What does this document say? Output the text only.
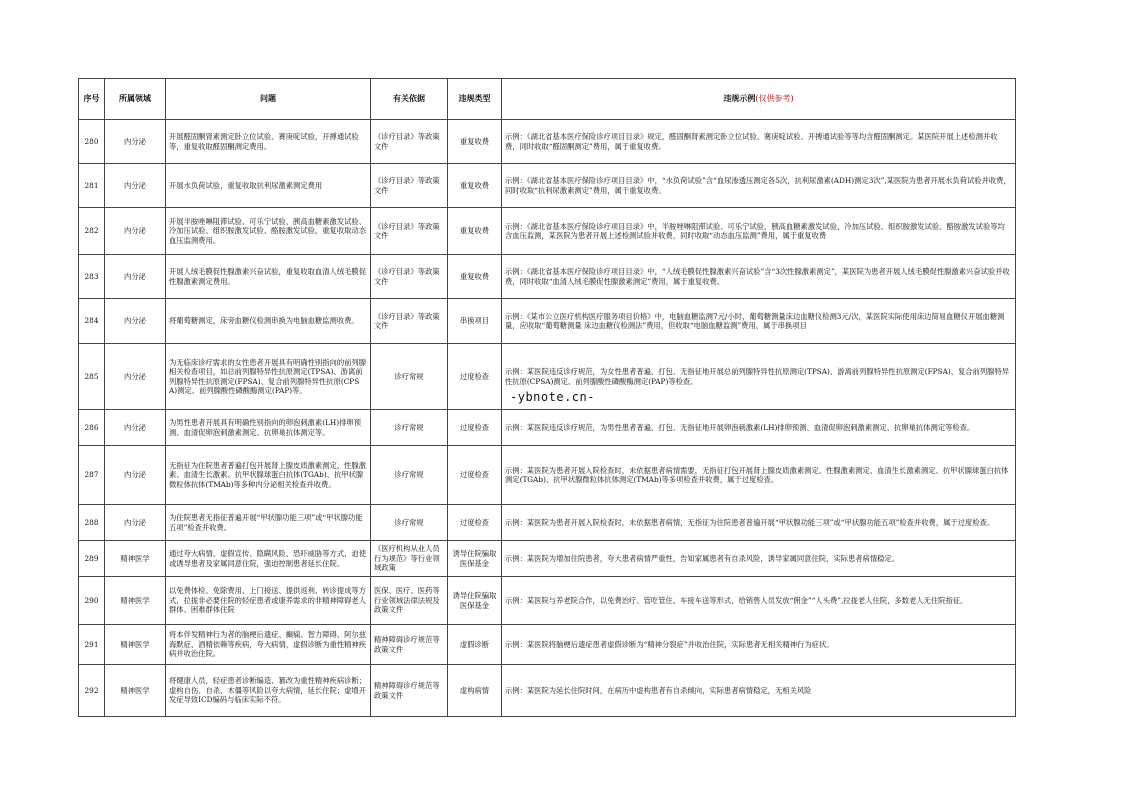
序号	所属领域	问题	有关依据	违规类型	违规示例(仅供参考)
280	内分泌	开展醛固酮肾素测定卧立位试验、赛庚啶试验，开搏通试验等，重复收取醛固酮测定费用。	《诊疗目录》等政策文件	重复收费	示例：《湖北省基本医疗保险诊疗项目目录》规定，醛固酮肾素测定卧立位试验、赛庚啶试验、开搏通试验等等均含醛固酮测定。某医院开展上述检测并收费，同时收取“醛固酮测定”费用，属于重复收费。
281	内分泌	开展水负荷试验，重复收取抗利尿激素测定费用	《诊疗目录》等政策文件	重复收费	示例：《湖北省基本医疗保险诊疗项目目录》中，“水负荷试验”含“血尿渗透压测定各5次，抗利尿激素(ADH)测定3次”,某医院为患者开展水负荷试验并收费，同时收取“抗利尿激素测定”费用，属于重复收费。
282	内分泌	开展半胺唑啉阻滞试验、可乐宁试验、胰高血糖素激发试验、冷加压试验、组织胺激发试验、酪胺激发试验，重复收取动态血压监测费用。	《诊疗目录》等政策文件	重复收费	示例：《湖北省基本医疗保险诊疗项目目录》中，半胺唑啉阻滞试验、可乐宁试验、胰高血糖素激发试验、冷加压试验、组织胺激发试验、酪胺激发试验等均含血压监测，某医院为患者开展上述检测试验并收费，同时收取“动态血压监测”费用，属于重复收费
283	内分泌	开展人绒毛膜促性腺激素兴奋试验，重复收取血清人绒毛膜促性腺激素测定费用。	《诊疗目录》等政策文件	重复收费	示例：《湖北省基本医疗保险诊疗项目目录》中，“人绒毛膜促性腺激素兴奋试验”含“3次性腺激素测定”，某医院为患者开展人绒毛膜促性腺激素兴奋试验并收费，同时收取“血清人绒毛膜促性腺激素测定”费用，属于重复收费。
284	内分泌	将葡萄糖测定，床旁血糖仪检测串换为电脑血糖监测收费。	《诊疗目录》等政策文件	串换项目	示例：《某市公立医疗机构医疗服务项目价格》中，电脑血糖监测7元/小时，葡萄糖测量床边血糖仪检测3元/次，某医院实际使用床边简易血糖仪开展血糖测量，应收取“葡萄糖测量 床边血糖仪检测法”费用，但收取“电脑血糖监测”费用，属于串换项目
285	内分泌	为无临床诊疗需求的女性患者开展具有明确性别指向的前列腺相关检查项目，如总前列腺特异性抗原测定(TPSA)、游离前列腺特异性抗原测定(FPSA)、复合前列腺特异性抗原(CPSA)测定、前列腺酸性磷酸酶测定(PAP)等。	诊疗常规	过度检查	示例：某医院违反诊疗规范，为女性患者普遍、打包、无指征地开展总前列腺特异性抗原测定(TPSA)、游离前列腺特异性抗原测定(FPSA)、复合前列腺特异性抗原(CPSA)测定、前列腺酸性磷酸酶测定(PAP)等检查。
286	内分泌	为男性患者开展具有明确性别指向的卵泡刺激素(LH)排卵预测、血清促卵泡刺激素测定、抗卵巢抗体测定等。	诊疗常规	过度检查	示例：某医院违反诊疗规范，为男性患者普遍、打包、无指征地开展卵泡刺激素(LH)排卵预测、血清促卵泡刺激素测定、抗卵巢抗体测定等检查。
287	内分泌	无指征为住院患者普遍打包开展肾上腺皮质激素测定，性腺激素、血清生长激素、抗甲状腺球蛋白抗体(TGAb)、抗甲状腺微粒体抗体(TMAb)等多种内分泌相关检查并收费。	诊疗常规	过度检查	示例：某医院为患者开展入院检查时，未依据患者病情需要，无指征打包开展肾上腺皮质激素测定、性腺激素测定、血清生长激素测定、抗甲状腺球蛋白抗体测定(TGAb)、抗甲状腺微粒体抗体测定(TMAb)等多项检查并收费，属于过度检查。
288	内分泌	为住院患者无指征普遍开展“甲状腺功能三项”或“甲状腺功能五项”检查并收费。	诊疗常规	过度检查	示例：某医院为患者开展入院检查时，未依据患者病情，无指征为住院患者普遍开展“甲状腺功能三项”或“甲状腺功能五项”检查并收费，属于过度检查。
289	精神医学	通过夸大病情、虚假宣传、隐瞒风险、恐吓威胁等方式，迫使或诱导患者及家属同意住院，强迫控制患者延长住院。	《医疗机构从业人员行为规范》等行业领域政策	诱导住院骗取医保基金	示例：某医院为增加住院患者，夸大患者病情严重性，告知家属患者有自杀风险，诱导家属同意住院，实际患者病情稳定。
290	精神医学	以免费体检、免除费用、上门接送、提供返利、转诊提成等方式，拉拢非必要住院的轻症患者或康养需求的非精神障碍老人群体、困难群体住院	医保、医疗、医药等行业领域法律法规及政策文件	诱导住院骗取医保基金	示例：某医院与养老院合作，以免费治疗、管吃管住、车接车送等形式，给销售人员发放“佣金”“人头费”,拉拢老人住院，多数老人无住院指征。
291	精神医学	将本伴发精神行为者的脑梗后遗症、癫痫、智力障碍、阿尔兹海默症、酒精依赖等疾病，夸大病情，虚假诊断为重性精神疾病并收治住院。	精神障碍诊疗规范等政策文件	虚假诊断	示例：某医院将脑梗后遗症患者虚假诊断为“精神分裂症”并收治住院，实际患者无相关精神行为症状。
292	精神医学	将健康人员，轻症患者诊断编造、篡改为重性精神疾病诊断；虚构自伤、自杀、木僵等风险以夸大病情，延长住院；虚增开发症导致ICD编码与临床实际不符。	精神障碍诊疗规范等政策文件	虚构病情	示例：某医院为延长住院时间，在病历中虚构患者有自杀倾向，实际患者病情稳定，无相关风险
-ybnote.cn-
